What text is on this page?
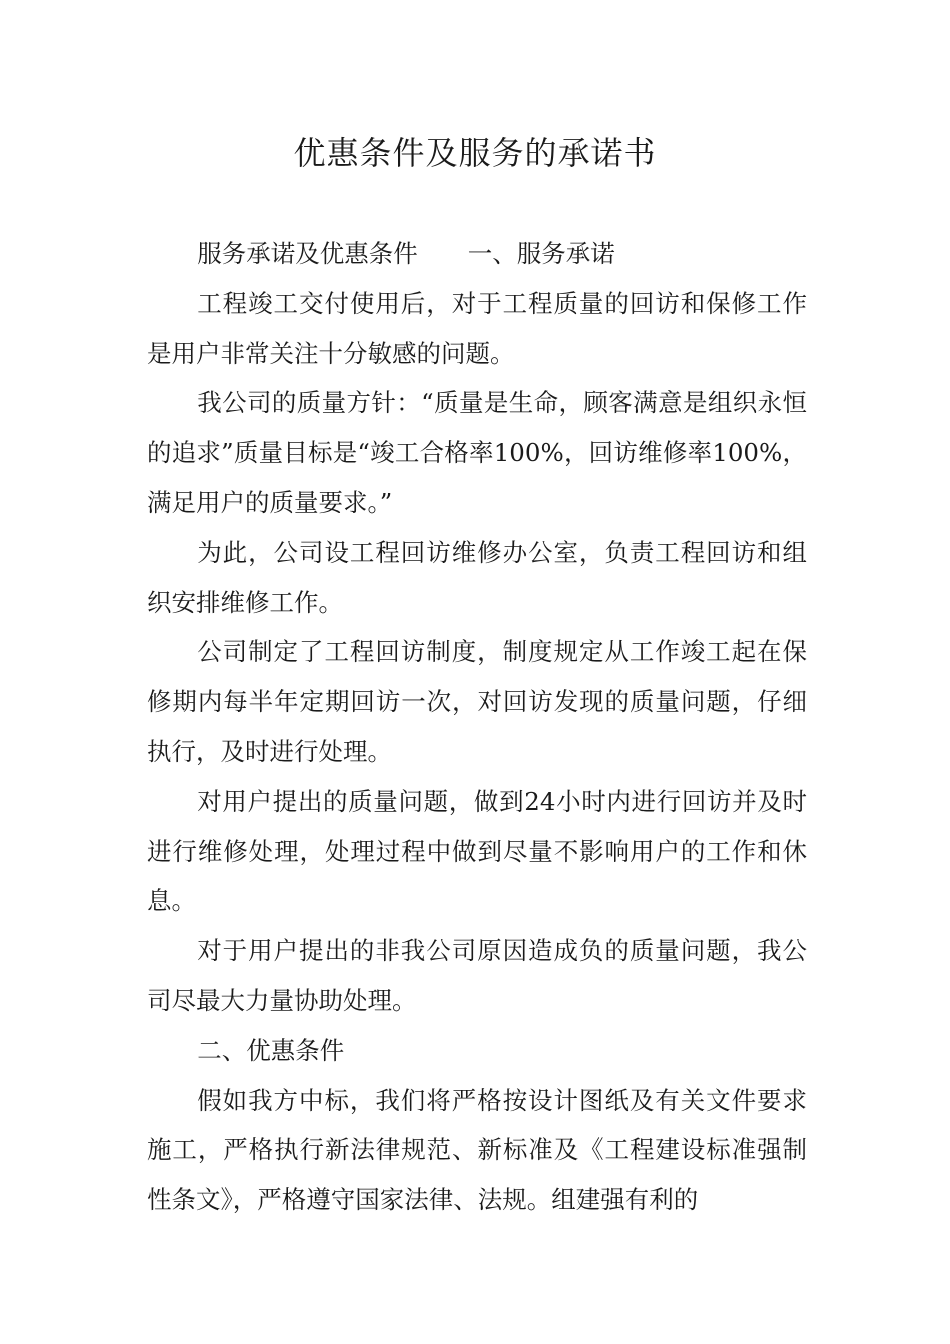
优惠条件及服务的承诺书

服务承诺及优惠条件 一、服务承诺

工程竣工交付使用后，对于工程质量的回访和保修工作是用户非常关注十分敏感的问题。

我公司的质量方针：“质量是生命，顾客满意是组织永恒的追求”质量目标是“竣工合格率100%，回访维修率100%，满足用户的质量要求。”

为此，公司设工程回访维修办公室，负责工程回访和组织安排维修工作。

公司制定了工程回访制度，制度规定从工作竣工起在保修期内每半年定期回访一次，对回访发现的质量问题，仔细执行，及时进行处理。

对用户提出的质量问题，做到24小时内进行回访并及时进行维修处理，处理过程中做到尽量不影响用户的工作和休息。

对于用户提出的非我公司原因造成负的质量问题，我公司尽最大力量协助处理。

二、优惠条件

假如我方中标，我们将严格按设计图纸及有关文件要求施工，严格执行新法律规范、新标准及《工程建设标准强制性条文》，严格遵守国家法律、法规。组建强有利的
